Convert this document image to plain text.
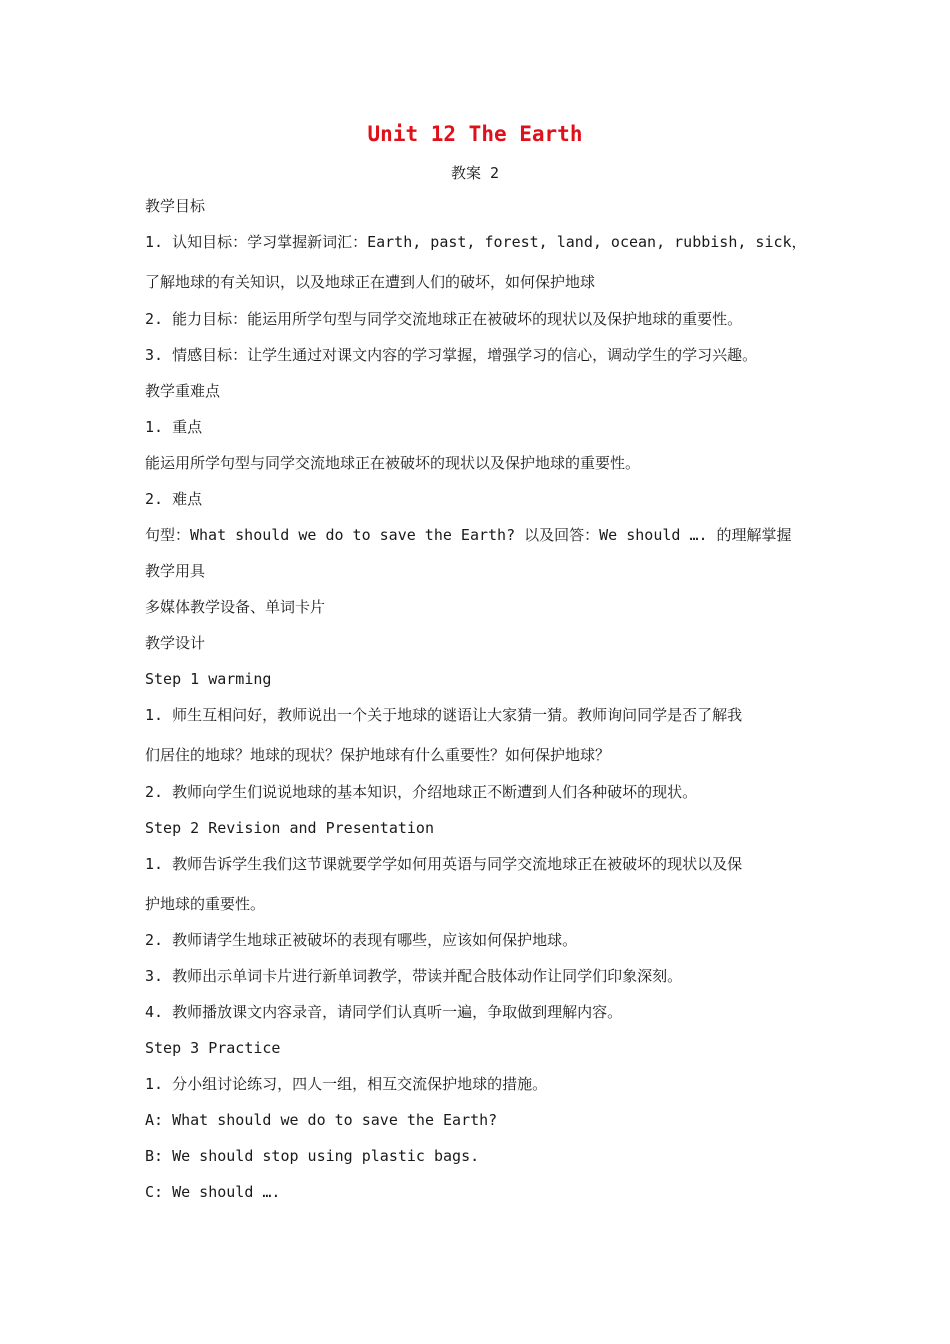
Unit 12 The Earth
教案 2
教学目标
1. 认知目标：学习掌握新词汇：Earth, past, forest, land, ocean, rubbish, sick，
了解地球的有关知识，以及地球正在遭到人们的破坏，如何保护地球
2. 能力目标：能运用所学句型与同学交流地球正在被破坏的现状以及保护地球的重要性。
3. 情感目标：让学生通过对课文内容的学习掌握，增强学习的信心，调动学生的学习兴趣。
教学重难点
1. 重点
能运用所学句型与同学交流地球正在被破坏的现状以及保护地球的重要性。
2. 难点
句型：What should we do to save the Earth? 以及回答：We should …. 的理解掌握
教学用具
多媒体教学设备、单词卡片
教学设计
Step 1 warming
1. 师生互相问好，教师说出一个关于地球的谜语让大家猜一猜。教师询问同学是否了解我
们居住的地球？地球的现状？保护地球有什么重要性？如何保护地球？
2. 教师向学生们说说地球的基本知识，介绍地球正不断遭到人们各种破坏的现状。
Step 2 Revision and Presentation
1. 教师告诉学生我们这节课就要学学如何用英语与同学交流地球正在被破坏的现状以及保
护地球的重要性。
2. 教师请学生地球正被破坏的表现有哪些，应该如何保护地球。
3. 教师出示单词卡片进行新单词教学，带读并配合肢体动作让同学们印象深刻。
4. 教师播放课文内容录音，请同学们认真听一遍，争取做到理解内容。
Step 3 Practice
1. 分小组讨论练习，四人一组，相互交流保护地球的措施。
A: What should we do to save the Earth?
B: We should stop using plastic bags.
C: We should ….
